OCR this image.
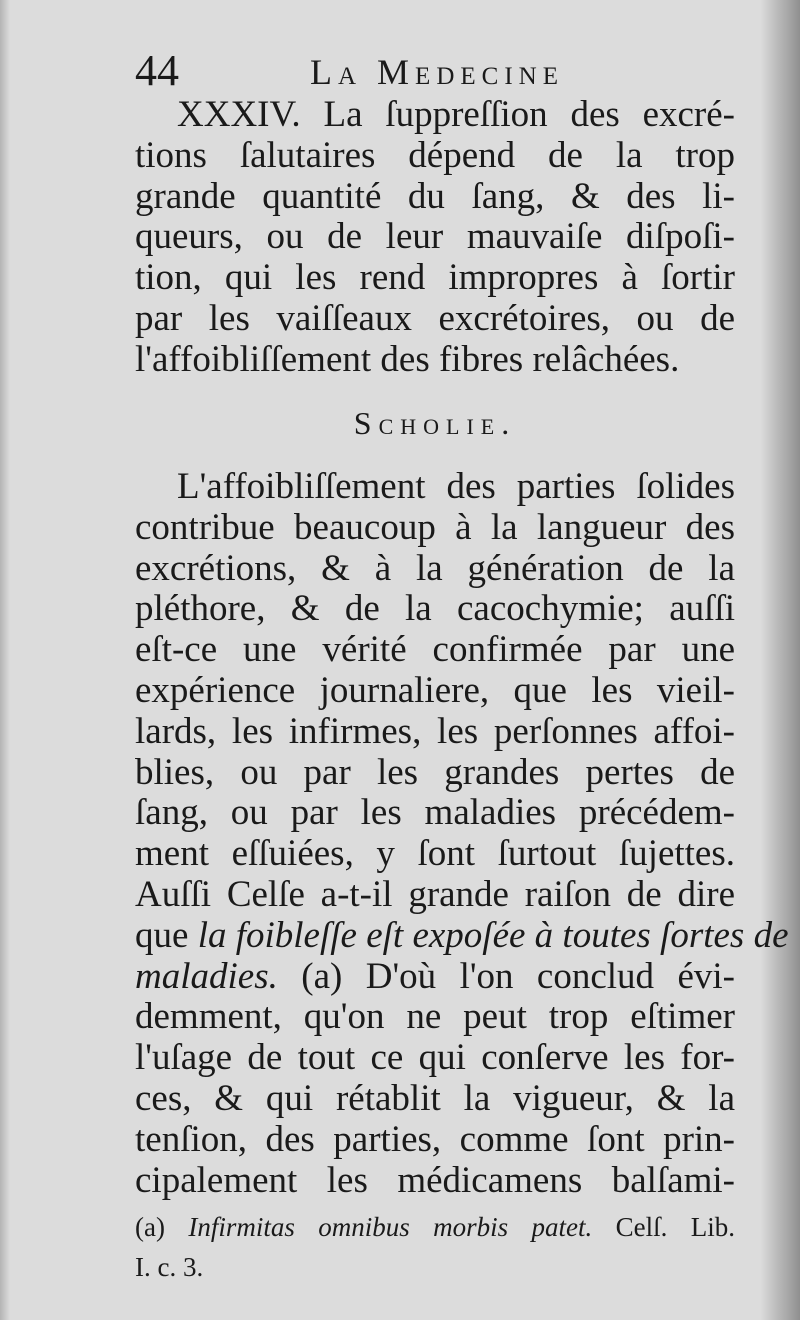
44	La Medecine
XXXIV. La ſuppreſſion des excré-
tions ſalutaires dépend de la trop
grande quantité du ſang, & des li-
queurs, ou de leur mauvaiſe diſpoſi-
tion, qui les rend impropres à ſortir
par les vaiſſeaux excrétoires, ou de
l'affoibliſſement des fibres relâchées.
Scholie.
L'affoibliſſement des parties ſolides
contribue beaucoup à la langueur des
excrétions, & à la génération de la
pléthore, & de la cacochymie; auſſi
eſt-ce une vérité confirmée par une
expérience journaliere, que les vieil-
lards, les infirmes, les perſonnes affoi-
blies, ou par les grandes pertes de
ſang, ou par les maladies précédem-
ment eſſuiées, y ſont ſurtout ſujettes.
Auſſi Celſe a-t-il grande raiſon de dire
que la foibleſſe eſt expoſée à toutes ſortes de
maladies. (a) D'où l'on conclud évi-
demment, qu'on ne peut trop eſtimer
l'uſage de tout ce qui conſerve les for-
ces, & qui rétablit la vigueur, & la
tenſion, des parties, comme ſont prin-
cipalement les médicamens balſami-
(a) Infirmitas omnibus morbis patet. Celſ. Lib.
I. c. 3.
